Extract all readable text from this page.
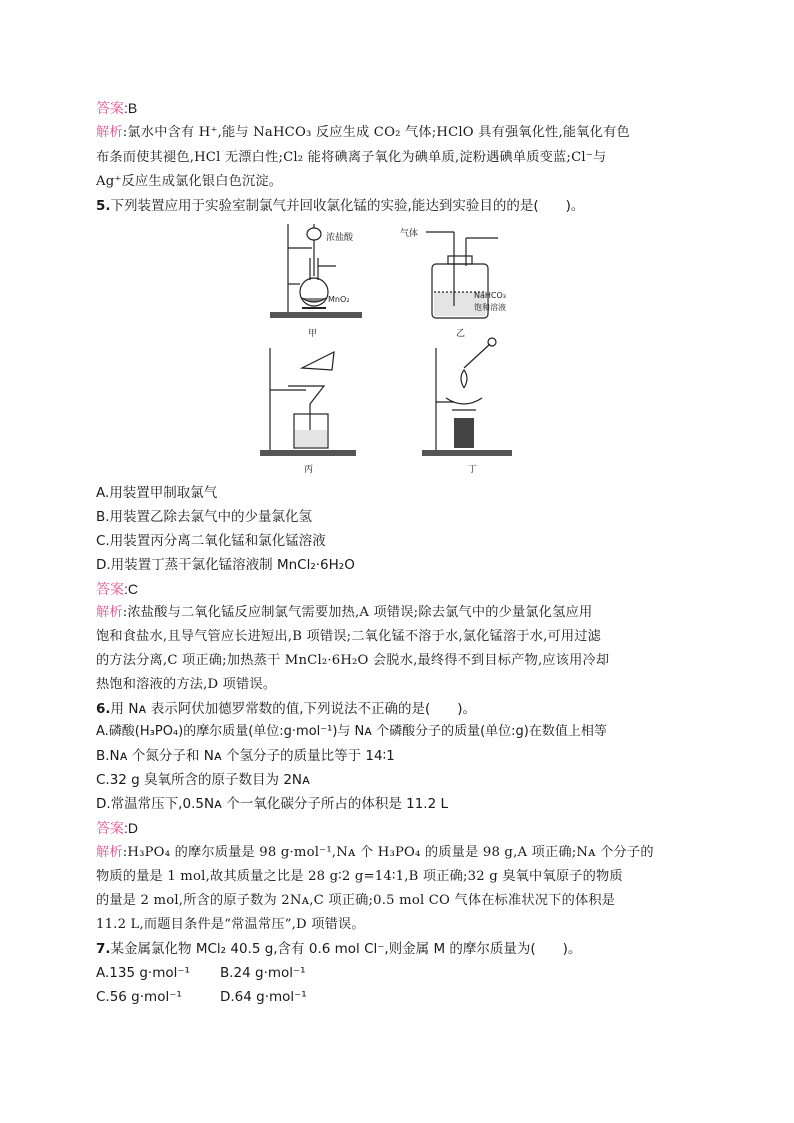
答案:B
解析:氯水中含有 H⁺,能与 NaHCO₃ 反应生成 CO₂ 气体;HClO 具有强氧化性,能氧化有色
布条而使其褪色,HCl 无漂白性;Cl₂ 能将碘离子氧化为碘单质,淀粉遇碘单质变蓝;Cl⁻与
Ag⁺反应生成氯化银白色沉淀。
5.下列装置应用于实验室制氯气并回收氯化锰的实验,能达到实验目的的是(　　)。
浓盐酸
MnO₂
甲
气体
NaHCO₃
饱和溶液
乙
丙	丁
A.用装置甲制取氯气
B.用装置乙除去氯气中的少量氯化氢
C.用装置丙分离二氧化锰和氯化锰溶液
D.用装置丁蒸干氯化锰溶液制 MnCl₂·6H₂O
答案:C
解析:浓盐酸与二氧化锰反应制氯气需要加热,A 项错误;除去氯气中的少量氯化氢应用
饱和食盐水,且导气管应长进短出,B 项错误;二氧化锰不溶于水,氯化锰溶于水,可用过滤
的方法分离,C 项正确;加热蒸干 MnCl₂·6H₂O 会脱水,最终得不到目标产物,应该用冷却
热饱和溶液的方法,D 项错误。
6.用 Nᴀ 表示阿伏加德罗常数的值,下列说法不正确的是(　　)。
A.磷酸(H₃PO₄)的摩尔质量(单位:g·mol⁻¹)与 Nᴀ 个磷酸分子的质量(单位:g)在数值上相等
B.Nᴀ 个氮分子和 Nᴀ 个氢分子的质量比等于 14∶1
C.32 g 臭氧所含的原子数目为 2Nᴀ
D.常温常压下,0.5Nᴀ 个一氧化碳分子所占的体积是 11.2 L
答案:D
解析:H₃PO₄ 的摩尔质量是 98 g·mol⁻¹,Nᴀ 个 H₃PO₄ 的质量是 98 g,A 项正确;Nᴀ 个分子的
物质的量是 1 mol,故其质量之比是 28 g∶2 g=14∶1,B 项正确;32 g 臭氧中氧原子的物质
的量是 2 mol,所含的原子数为 2Nᴀ,C 项正确;0.5 mol CO 气体在标准状况下的体积是
11.2 L,而题目条件是“常温常压”,D 项错误。
7.某金属氯化物 MCl₂ 40.5 g,含有 0.6 mol Cl⁻,则金属 M 的摩尔质量为(　　)。
A.135 g·mol⁻¹ B.24 g·mol⁻¹
C.56 g·mol⁻¹	D.64 g·mol⁻¹
